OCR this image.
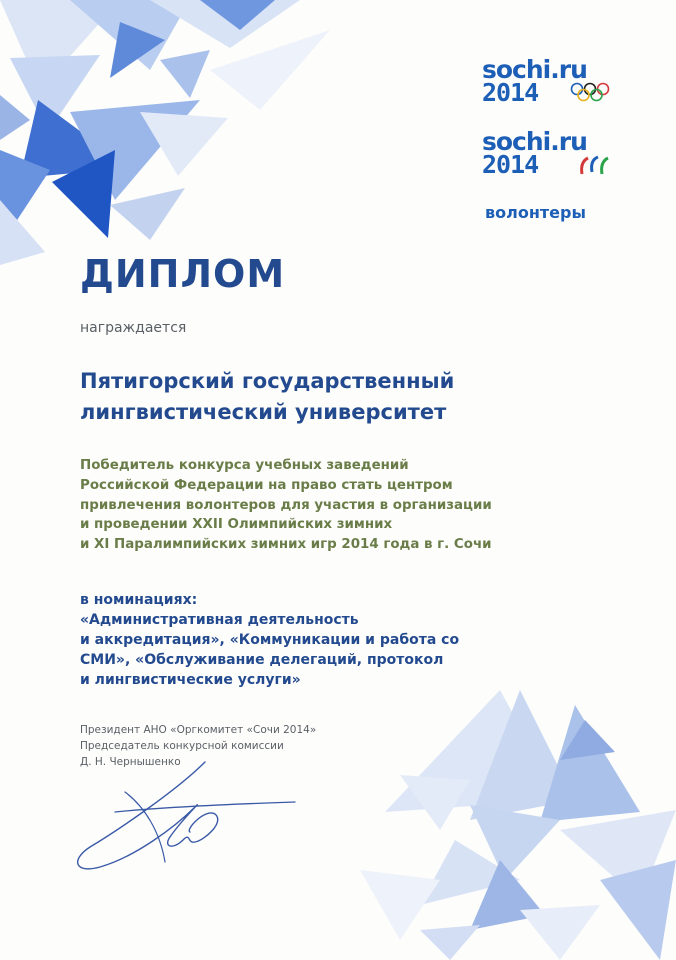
sochi.ru
2014
sochi.ru
2014
волонтеры
ДИПЛОМ
награждается
Пятигорский государственный
лингвистический университет
Победитель конкурса учебных заведений
Российской Федерации на право стать центром
привлечения волонтеров для участия в организации
и проведении XXII Олимпийских зимних
и XI Паралимпийских зимних игр 2014 года в г. Сочи
в номинациях:
«Административная деятельность
и аккредитация», «Коммуникации и работа со
СМИ», «Обслуживание делегаций, протокол
и лингвистические услуги»
Президент АНО «Оргкомитет «Сочи 2014»
Председатель конкурсной комиссии
Д. Н. Чернышенко
